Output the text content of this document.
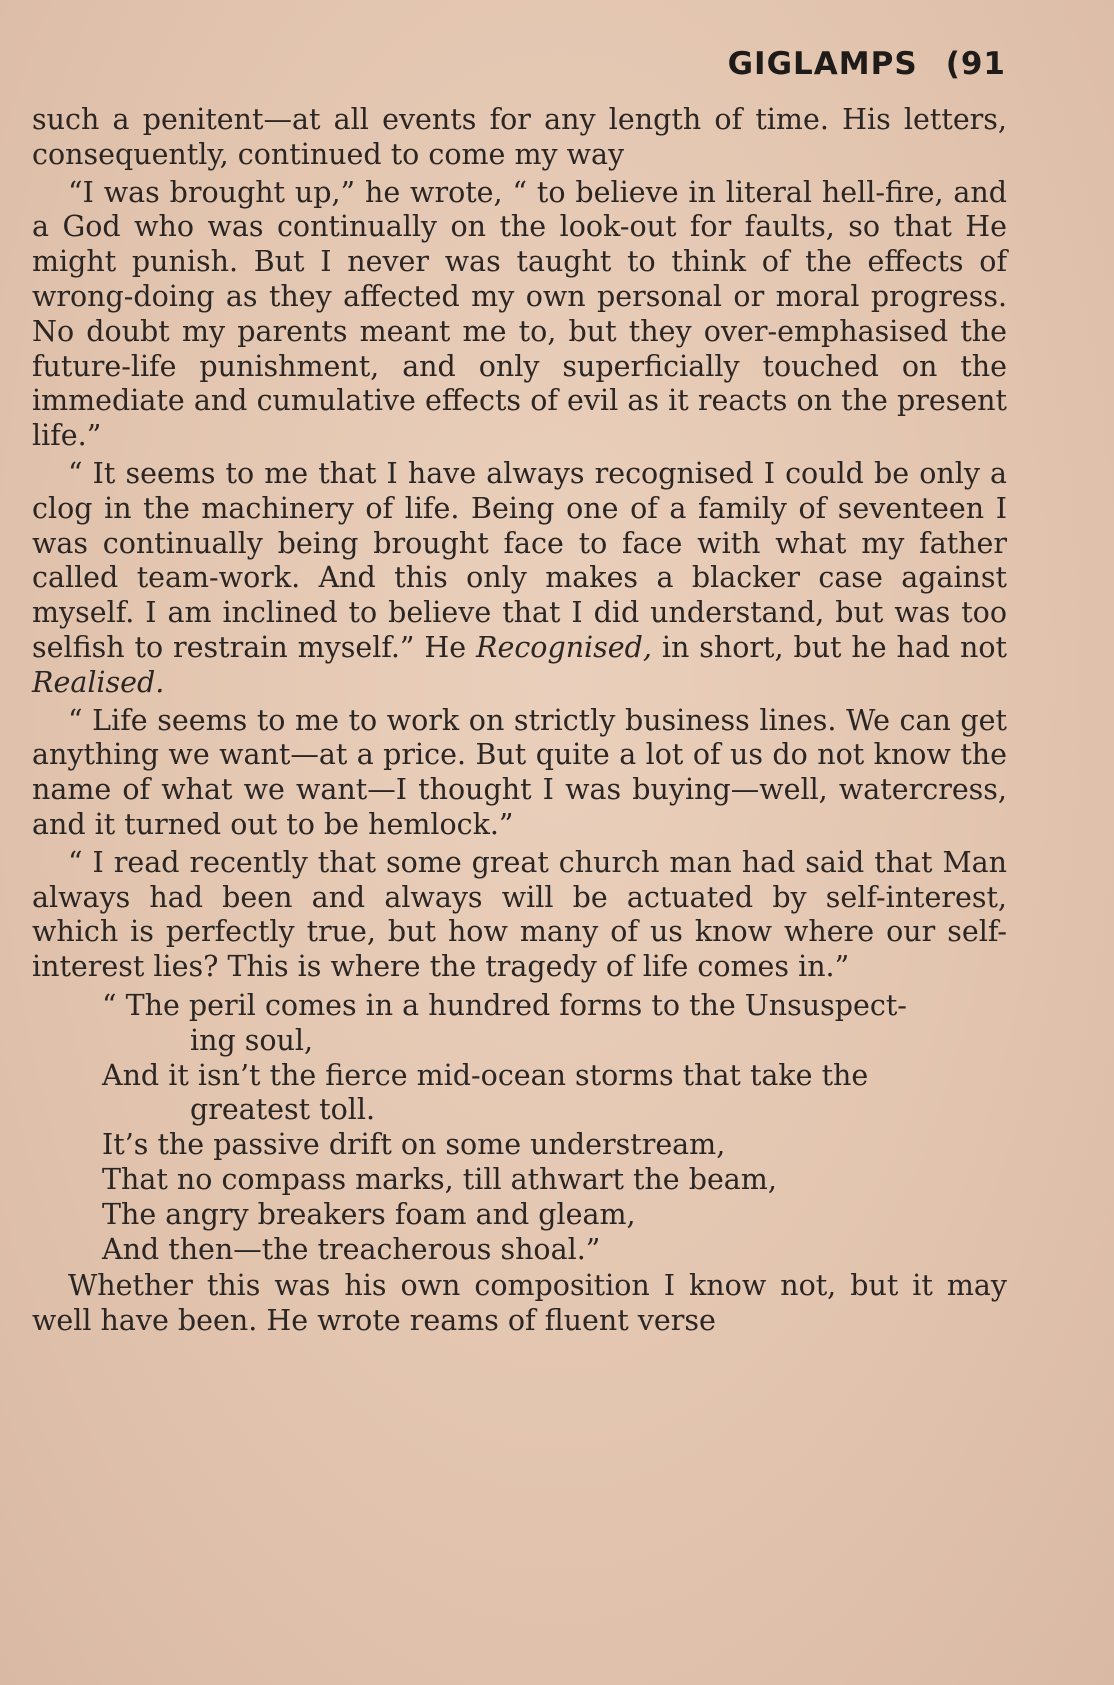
GIGLAMPS (91

such a penitent—at all events for any length of time. His letters, consequently, continued to come my way

“I was brought up,” he wrote, “ to believe in literal hell-fire, and a God who was continually on the look-out for faults, so that He might punish. But I never was taught to think of the effects of wrong-doing as they affected my own personal or moral progress. No doubt my parents meant me to, but they over-emphasised the future-life punishment, and only superficially touched on the immediate and cumulative effects of evil as it reacts on the present life.”

“ It seems to me that I have always recognised I could be only a clog in the machinery of life. Being one of a family of seventeen I was continually being brought face to face with what my father called team-work. And this only makes a blacker case against myself. I am inclined to believe that I did understand, but was too selfish to restrain myself.” He Recognised, in short, but he had not Realised.

“ Life seems to me to work on strictly business lines. We can get anything we want—at a price. But quite a lot of us do not know the name of what we want—I thought I was buying—well, watercress, and it turned out to be hemlock.”

“ I read recently that some great church man had said that Man always had been and always will be actuated by self-interest, which is perfectly true, but how many of us know where our self-interest lies? This is where the tragedy of life comes in.”

“ The peril comes in a hundred forms to the Unsuspect-
ing soul,
And it isn’t the fierce mid-ocean storms that take the
greatest toll.
It’s the passive drift on some understream,
That no compass marks, till athwart the beam,
The angry breakers foam and gleam,
And then—the treacherous shoal.”

Whether this was his own composition I know not, but it may well have been. He wrote reams of fluent verse
